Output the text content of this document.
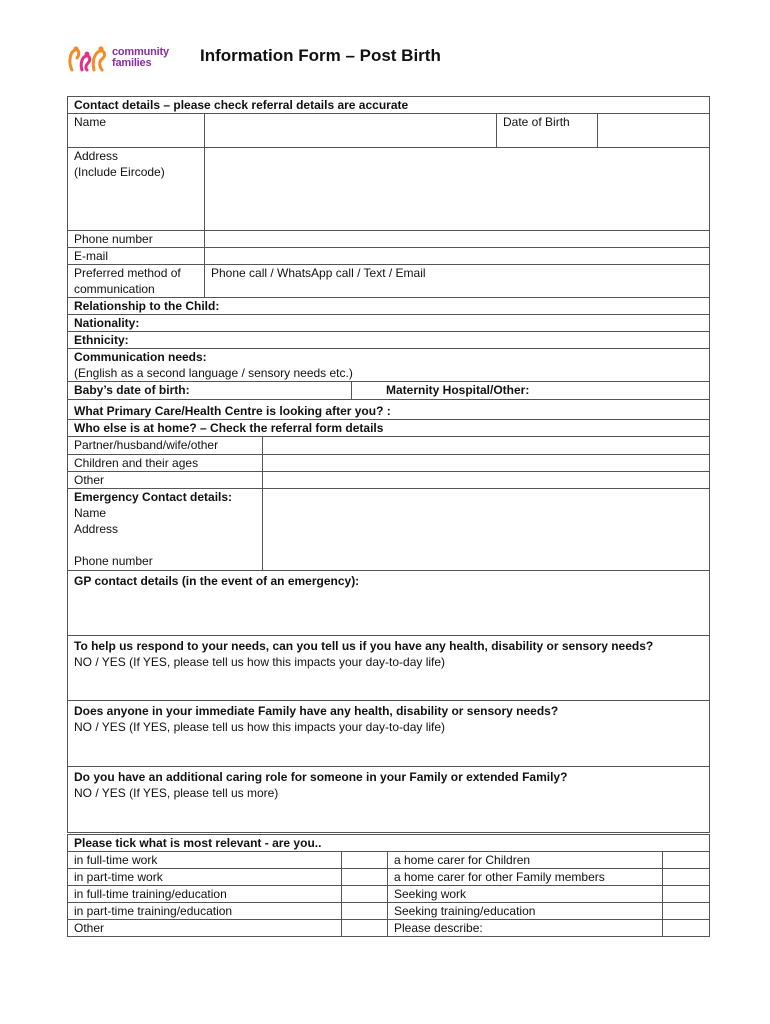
community
families	Information Form – Post Birth
Contact details – please check referral details are accurate			
Name		Date of Birth	

Address
(Include Eircode)			

Phone number			
E-mail			

Preferred method of
communication	Phone call / WhatsApp call / Text / Email		
Relationship to the Child:
Nationality:
Ethnicity:

Communication needs:
(English as a second language / sensory needs etc.)

Baby’s date of birth:	Maternity Hospital/Other:
What Primary Care/Health Centre is looking after you? :
Who else is at home? – Check the referral form details	
Partner/husband/wife/other	
Children and their ages	
Other	

Emergency Contact details:
Name
Address

Phone number	

GP contact details (in the event of an emergency):	

To help us respond to your needs, can you tell us if you have any health, disability or sensory needs?
NO / YES (If YES, please tell us how this impacts your day-to-day life)	

Does anyone in your immediate Family have any health, disability or sensory needs?
NO / YES (If YES, please tell us how this impacts your day-to-day life)	

Do you have an additional caring role for someone in your Family or extended Family?
NO / YES (If YES, please tell us more)	
Please tick what is most relevant - are you..			
in full-time work		a home carer for Children	
in part-time work		a home carer for other Family members	
in full-time training/education		Seeking work	
in part-time training/education		Seeking training/education	
Other		Please describe:	
